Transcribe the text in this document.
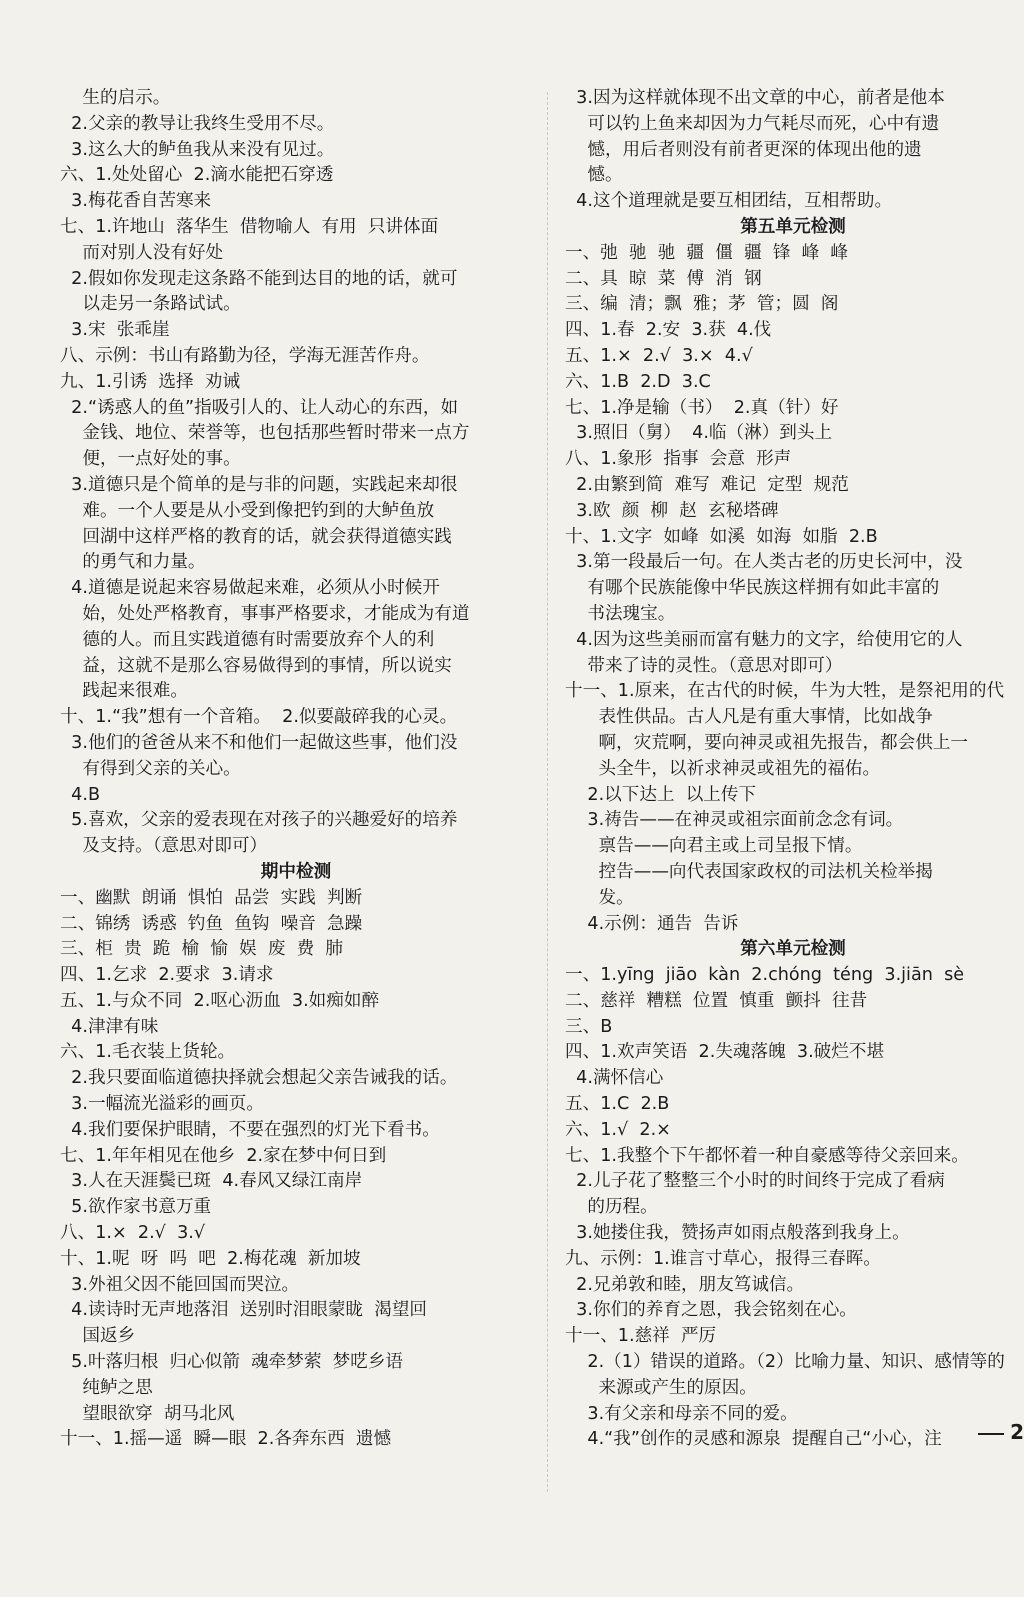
生的启示。
2.父亲的教导让我终生受用不尽。
3.这么大的鲈鱼我从来没有见过。
六、1.处处留心  2.滴水能把石穿透
3.梅花香自苦寒来
七、1.许地山  落华生  借物喻人  有用  只讲体面
而对别人没有好处
2.假如你发现走这条路不能到达目的地的话，就可
以走另一条路试试。
3.宋  张乖崖
八、示例：书山有路勤为径，学海无涯苦作舟。
九、1.引诱  选择  劝诫
2.“诱惑人的鱼”指吸引人的、让人动心的东西，如
金钱、地位、荣誉等，也包括那些暂时带来一点方
便，一点好处的事。
3.道德只是个简单的是与非的问题，实践起来却很
难。一个人要是从小受到像把钓到的大鲈鱼放
回湖中这样严格的教育的话，就会获得道德实践
的勇气和力量。
4.道德是说起来容易做起来难，必须从小时候开
始，处处严格教育，事事严格要求，才能成为有道
德的人。而且实践道德有时需要放弃个人的利
益，这就不是那么容易做得到的事情，所以说实
践起来很难。
十、1.“我”想有一个音箱。  2.似要敲碎我的心灵。
3.他们的爸爸从来不和他们一起做这些事，他们没
有得到父亲的关心。
4.B
5.喜欢，父亲的爱表现在对孩子的兴趣爱好的培养
及支持。（意思对即可）
期中检测
一、幽默  朗诵  惧怕  品尝  实践  判断
二、锦绣  诱惑  钓鱼  鱼钩  噪音  急躁
三、柜  贵  跪  榆  愉  娱  废  费  肺
四、1.乞求  2.要求  3.请求
五、1.与众不同  2.呕心沥血  3.如痴如醉
4.津津有味
六、1.毛衣装上货轮。
2.我只要面临道德抉择就会想起父亲告诫我的话。
3.一幅流光溢彩的画页。
4.我们要保护眼睛，不要在强烈的灯光下看书。
七、1.年年相见在他乡  2.家在梦中何日到
3.人在天涯鬓已斑  4.春风又绿江南岸
5.欲作家书意万重
八、1.×  2.√  3.√
十、1.呢  呀  吗  吧  2.梅花魂  新加坡
3.外祖父因不能回国而哭泣。
4.读诗时无声地落泪  送别时泪眼蒙眬  渴望回
国返乡
5.叶落归根  归心似箭  魂牵梦萦  梦呓乡语
纯鲈之思
望眼欲穿  胡马北风
十一、1.摇—遥  瞬—眼  2.各奔东西  遗憾
3.因为这样就体现不出文章的中心，前者是他本
可以钓上鱼来却因为力气耗尽而死，心中有遗
憾，用后者则没有前者更深的体现出他的遗
憾。
4.这个道理就是要互相团结，互相帮助。
第五单元检测
一、弛  驰  驰  疆  僵  疆  锋  峰  峰
二、具  晾  菜  傅  消  钢
三、编  清；飘  雅；茅  管；圆  阁
四、1.春  2.安  3.获  4.伐
五、1.×  2.√  3.×  4.√
六、1.B  2.D  3.C
七、1.净是输（书）  2.真（针）好
3.照旧（舅）  4.临（淋）到头上
八、1.象形  指事  会意  形声
2.由繁到简  难写  难记  定型  规范
3.欧  颜  柳  赵  玄秘塔碑
十、1.文字  如峰  如溪  如海  如脂  2.B
3.第一段最后一句。在人类古老的历史长河中，没
有哪个民族能像中华民族这样拥有如此丰富的
书法瑰宝。
4.因为这些美丽而富有魅力的文字，给使用它的人
带来了诗的灵性。（意思对即可）
十一、1.原来，在古代的时候，牛为大牲，是祭祀用的代
表性供品。古人凡是有重大事情，比如战争
啊，灾荒啊，要向神灵或祖先报告，都会供上一
头全牛，以祈求神灵或祖先的福佑。
2.以下达上  以上传下
3.祷告——在神灵或祖宗面前念念有词。
禀告——向君主或上司呈报下情。
控告——向代表国家政权的司法机关检举揭
发。
4.示例：通告  告诉
第六单元检测
一、1.yīng  jiāo  kàn  2.chóng  téng  3.jiān  sè
二、慈祥  糟糕  位置  慎重  颤抖  往昔
三、B
四、1.欢声笑语  2.失魂落魄  3.破烂不堪
4.满怀信心
五、1.C  2.B
六、1.√  2.×
七、1.我整个下午都怀着一种自豪感等待父亲回来。
2.儿子花了整整三个小时的时间终于完成了看病
的历程。
3.她搂住我，赞扬声如雨点般落到我身上。
九、示例：1.谁言寸草心，报得三春晖。
2.兄弟敦和睦，朋友笃诚信。
3.你们的养育之恩，我会铭刻在心。
十一、1.慈祥  严厉
2.（1）错误的道路。（2）比喻力量、知识、感情等的
来源或产生的原因。
3.有父亲和母亲不同的爱。
4.“我”创作的灵感和源泉  提醒自己“小心，注	2
